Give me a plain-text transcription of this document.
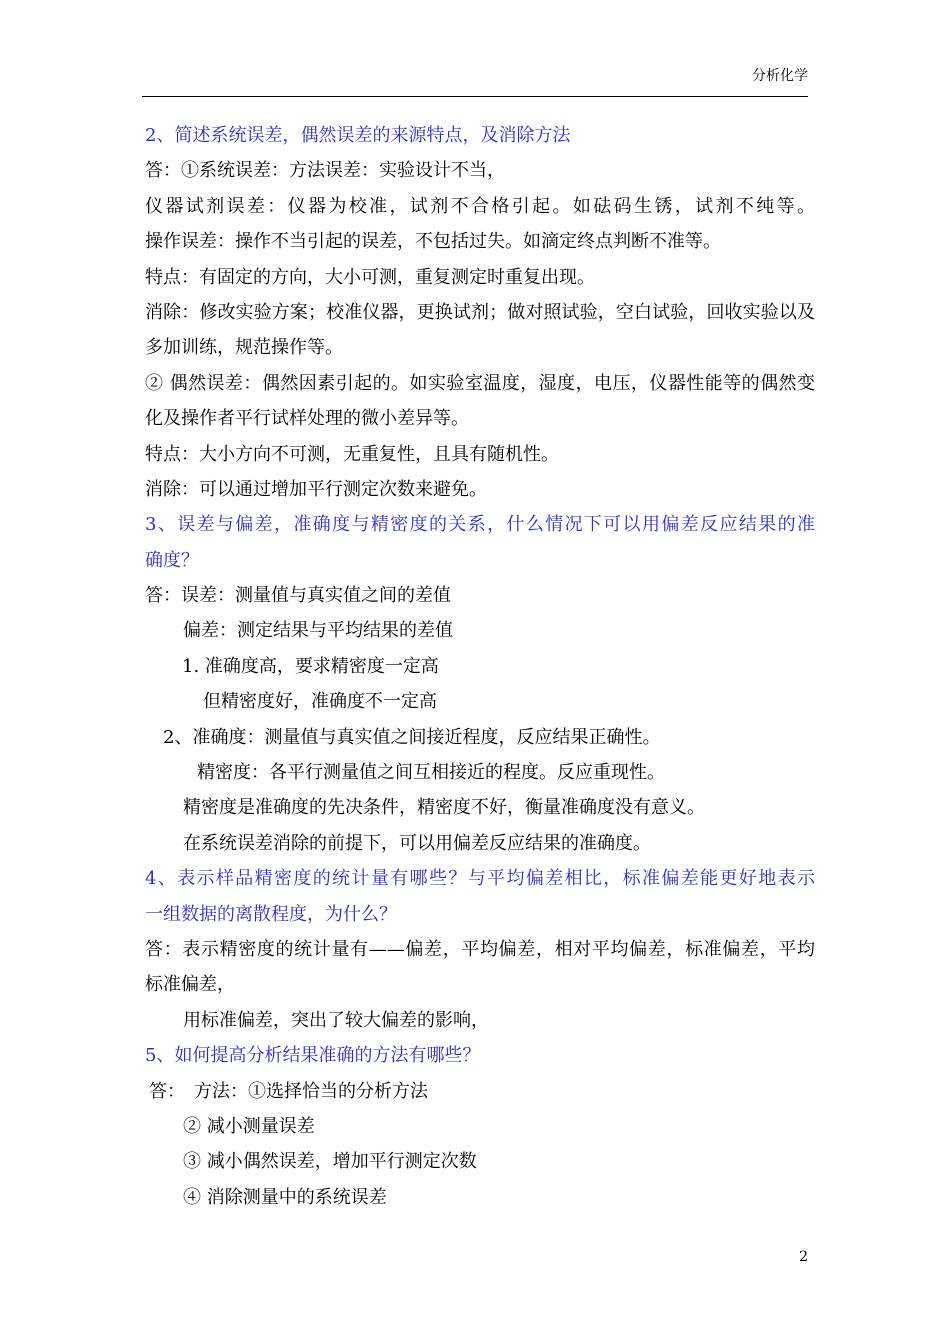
分析化学
2、简述系统误差，偶然误差的来源特点，及消除方法
答：①系统误差：方法误差：实验设计不当，
仪器试剂误差：仪器为校准，试剂不合格引起。如砝码生锈，试剂不纯等。
操作误差：操作不当引起的误差，不包括过失。如滴定终点判断不准等。
特点：有固定的方向，大小可测，重复测定时重复出现。
消除：修改实验方案；校准仪器，更换试剂；做对照试验，空白试验，回收实验以及
多加训练，规范操作等。
② 偶然误差：偶然因素引起的。如实验室温度，湿度，电压，仪器性能等的偶然变
化及操作者平行试样处理的微小差异等。
特点：大小方向不可测，无重复性，且具有随机性。
消除：可以通过增加平行测定次数来避免。
3、误差与偏差，准确度与精密度的关系，什么情况下可以用偏差反应结果的准
确度？
答：误差：测量值与真实值之间的差值
偏差：测定结果与平均结果的差值
1. 准确度高，要求精密度一定高
但精密度好，准确度不一定高
2、准确度：测量值与真实值之间接近程度，反应结果正确性。
精密度：各平行测量值之间互相接近的程度。反应重现性。
精密度是准确度的先决条件，精密度不好，衡量准确度没有意义。
在系统误差消除的前提下，可以用偏差反应结果的准确度。
4、表示样品精密度的统计量有哪些？与平均偏差相比，标准偏差能更好地表示
一组数据的离散程度，为什么？
答：表示精密度的统计量有——偏差，平均偏差，相对平均偏差，标准偏差，平均
标准偏差，
用标准偏差，突出了较大偏差的影响，
5、如何提高分析结果准确的方法有哪些？
答：　方法：①选择恰当的分析方法
② 减小测量误差
③ 减小偶然误差，增加平行测定次数
④ 消除测量中的系统误差
2
